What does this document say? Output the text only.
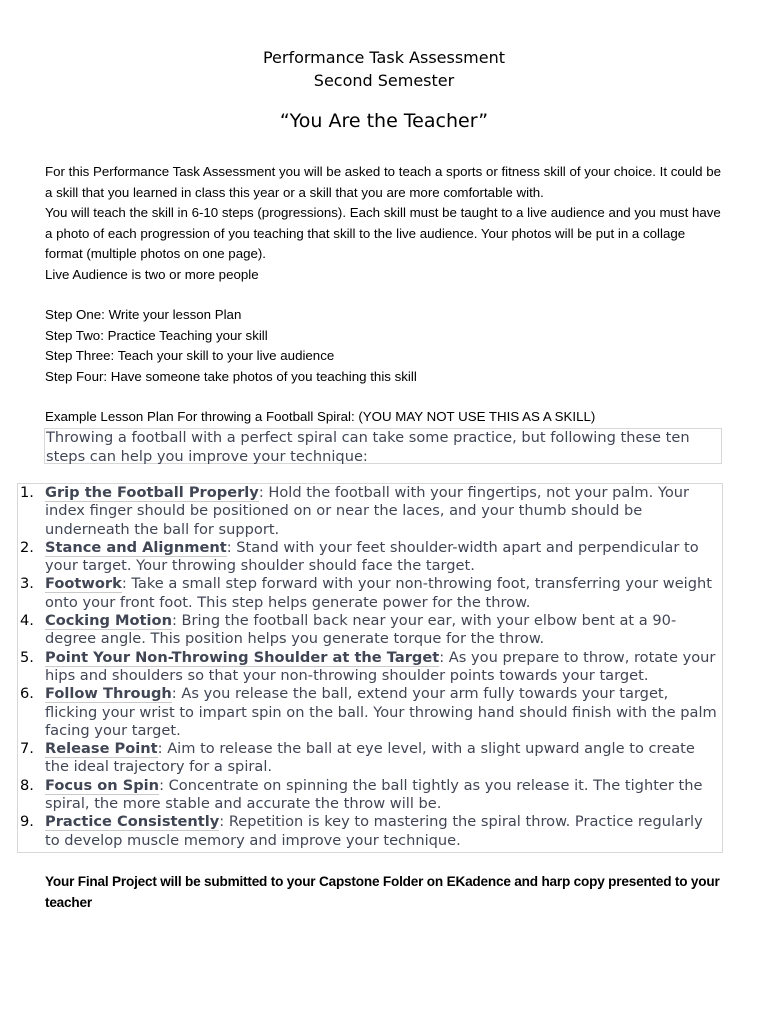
Performance Task Assessment
Second Semester
“You Are the Teacher”

For this Performance Task Assessment you will be asked to teach a sports or fitness skill of your choice. It could be a skill that you learned in class this year or a skill that you are more comfortable with.

You will teach the skill in 6-10 steps (progressions). Each skill must be taught to a live audience and you must have a photo of each progression of you teaching that skill to the live audience. Your photos will be put in a collage format (multiple photos on one page).

Live Audience is two or more people

Step One: Write your lesson Plan

Step Two: Practice Teaching your skill

Step Three: Teach your skill to your live audience

Step Four: Have someone take photos of you teaching this skill

Example Lesson Plan For throwing a Football Spiral: (YOU MAY NOT USE THIS AS A SKILL)
Throwing a football with a perfect spiral can take some practice, but following these ten steps can help you improve your technique:
1. Grip the Football Properly: Hold the football with your fingertips, not your palm. Your index finger should be positioned on or near the laces, and your thumb should be underneath the ball for support.
2. Stance and Alignment: Stand with your feet shoulder-width apart and perpendicular to your target. Your throwing shoulder should face the target.
3. Footwork: Take a small step forward with your non-throwing foot, transferring your weight onto your front foot. This step helps generate power for the throw.
4. Cocking Motion: Bring the football back near your ear, with your elbow bent at a 90-degree angle. This position helps you generate torque for the throw.
5. Point Your Non-Throwing Shoulder at the Target: As you prepare to throw, rotate your hips and shoulders so that your non-throwing shoulder points towards your target.
6. Follow Through: As you release the ball, extend your arm fully towards your target, flicking your wrist to impart spin on the ball. Your throwing hand should finish with the palm facing your target.
7. Release Point: Aim to release the ball at eye level, with a slight upward angle to create the ideal trajectory for a spiral.
8. Focus on Spin: Concentrate on spinning the ball tightly as you release it. The tighter the spiral, the more stable and accurate the throw will be.
9. Practice Consistently: Repetition is key to mastering the spiral throw. Practice regularly to develop muscle memory and improve your technique.
Your Final Project will be submitted to your Capstone Folder on EKadence and harp copy presented to your teacher
